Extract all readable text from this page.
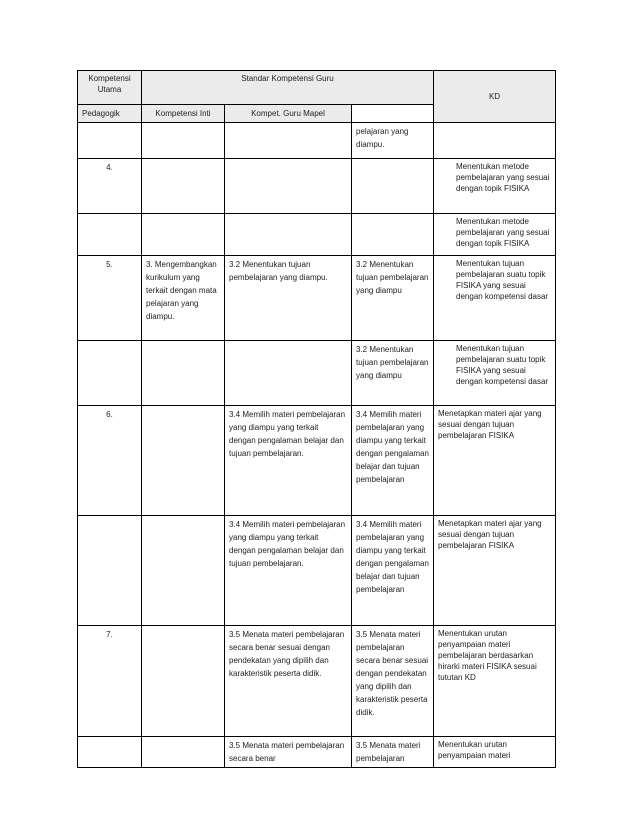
Kompetensi Utama	Standar Kompetensi Guru			KD	
Pedagogik	Kompetensi Inti	Kompet. Guru Mapel			
			pelajaran yang diampu.		
4.				Menentukan metode pembelajaran yang sesuai dengan topik FISIKA	
				Menentukan metode pembelajaran yang sesuai dengan topik FISIKA	
5.	3. Mengembangkan kurikulum yang terkait dengan mata pelajaran yang diampu.	3.2 Menentukan tujuan pembelajaran yang diampu.	3.2 Menentukan tujuan pembelajaran yang diampu	Menentukan tujuan pembelajaran suatu topik FISIKA yang sesuai dengan kompetensi dasar	
			3.2 Menentukan tujuan pembelajaran yang diampu	Menentukan tujuan pembelajaran suatu topik FISIKA yang sesuai dengan kompetensi dasar	
6.		3.4 Memilih materi pembelajaran yang diampu yang terkait dengan pengalaman belajar dan tujuan pembelajaran.	3.4 Memilih materi pembelajaran yang diampu yang terkait dengan pengalaman belajar dan tujuan pembelajaran	Menetapkan materi ajar yang sesuai dengan tujuan pembelajaran FISIKA	
		3.4 Memilih materi pembelajaran yang diampu yang terkait dengan pengalaman belajar dan tujuan pembelajaran.	3.4 Memilih materi pembelajaran yang diampu yang terkait dengan pengalaman belajar dan tujuan pembelajaran	Menetapkan materi ajar yang sesuai dengan tujuan pembelajaran FISIKA	
7.		3.5 Menata materi pembelajaran secara benar sesuai dengan pendekatan yang dipilih dan karakteristik peserta didik.	3.5 Menata materi pembelajaran secara benar sesuai dengan pendekatan yang dipilih dan karakteristik peserta didik.	Menentukan urutan penyampaian materi pembelajaran berdasarkan hirarki materi FISIKA sesuai tututan KD	
		3.5 Menata materi pembelajaran secara benar	3.5 Menata materi pembelajaran	Menentukan urutan penyampaian materi	
